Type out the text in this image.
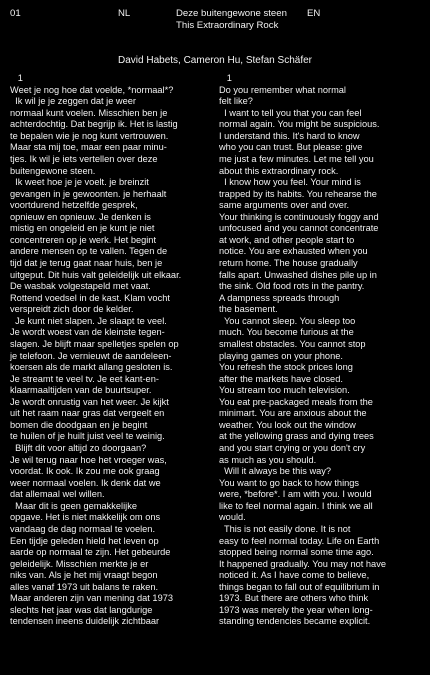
01	NL	Deze buitengewone steen
This Extraordinary Rock
EN
David Habets, Cameron Hu, Stefan Schäfer
1
Weet je nog hoe dat voelde, *normaal*?
Ik wil je je zeggen dat je weer
normaal kunt voelen. Misschien ben je
achterdochtig. Dat begrijp ik. Het is lastig
te bepalen wie je nog kunt vertrouwen.
Maar sta mij toe, maar een paar minu-
tjes. Ik wil je iets vertellen over deze
buitengewone steen.
Ik weet hoe je je voelt. je breinzit
gevangen in je gewoonten. je herhaalt
voortdurend hetzelfde gesprek,
opnieuw en opnieuw. Je denken is
mistig en ongeleid en je kunt je niet
concentreren op je werk. Het begint
andere mensen op te vallen. Tegen de
tijd dat je terug gaat naar huis, ben je
uitgeput. Dit huis valt geleidelijk uit elkaar.
De wasbak volgestapeld met vaat.
Rottend voedsel in de kast. Klam vocht
verspreidt zich door de kelder.
Je kunt niet slapen. Je slaapt te veel.
Je wordt woest van de kleinste tegen-
slagen. Je blijft maar spelletjes spelen op
je telefoon. Je vernieuwt de aandeleen-
koersen als de markt allang gesloten is.
Je streamt te veel tv. Je eet kant-en-
klaarmaaltijden van de buurtsuper.
Je wordt onrustig van het weer. Je kijkt
uit het raam naar gras dat vergeelt en
bomen die doodgaan en je begint
te huilen of je huilt juist veel te weinig.
Blijft dit voor altijd zo doorgaan?
Je wil terug naar hoe het vroeger was,
voordat. Ik ook. Ik zou me ook graag
weer normaal voelen. Ik denk dat we
dat allemaal wel willen.
Maar dit is geen gemakkelijke
opgave. Het is niet makkelijk om ons
vandaag de dag normaal te voelen.
Een tijdje geleden hield het leven op
aarde op normaal te zijn. Het gebeurde
geleidelijk. Misschien merkte je er
niks van. Als je het mij vraagt begon
alles vanaf 1973 uit balans te raken.
Maar anderen zijn van mening dat 1973
slechts het jaar was dat langdurige
tendensen ineens duidelijk zichtbaar
1
Do you remember what normal
felt like?
I want to tell you that you can feel
normal again. You might be suspicious.
I understand this. It's hard to know
who you can trust. But please: give
me just a few minutes. Let me tell you
about this extraordinary rock.
I know how you feel. Your mind is
trapped by its habits. You rehearse the
same arguments over and over.
Your thinking is continuously foggy and
unfocused and you cannot concentrate
at work, and other people start to
notice. You are exhausted when you
return home. The house gradually
falls apart. Unwashed dishes pile up in
the sink. Old food rots in the pantry.
A dampness spreads through
the basement.
You cannot sleep. You sleep too
much. You become furious at the
smallest obstacles. You cannot stop
playing games on your phone.
You refresh the stock prices long
after the markets have closed.
You stream too much television.
You eat pre-packaged meals from the
minimart. You are anxious about the
weather. You look out the window
at the yellowing grass and dying trees
and you start crying or you don't cry
as much as you should.
Will it always be this way?
You want to go back to how things
were, *before*. I am with you. I would
like to feel normal again. I think we all
would.
This is not easily done. It is not
easy to feel normal today. Life on Earth
stopped being normal some time ago.
It happened gradually. You may not have
noticed it. As I have come to believe,
things began to fall out of equilibrium in
1973. But there are others who think
1973 was merely the year when long-
standing tendencies became explicit.
